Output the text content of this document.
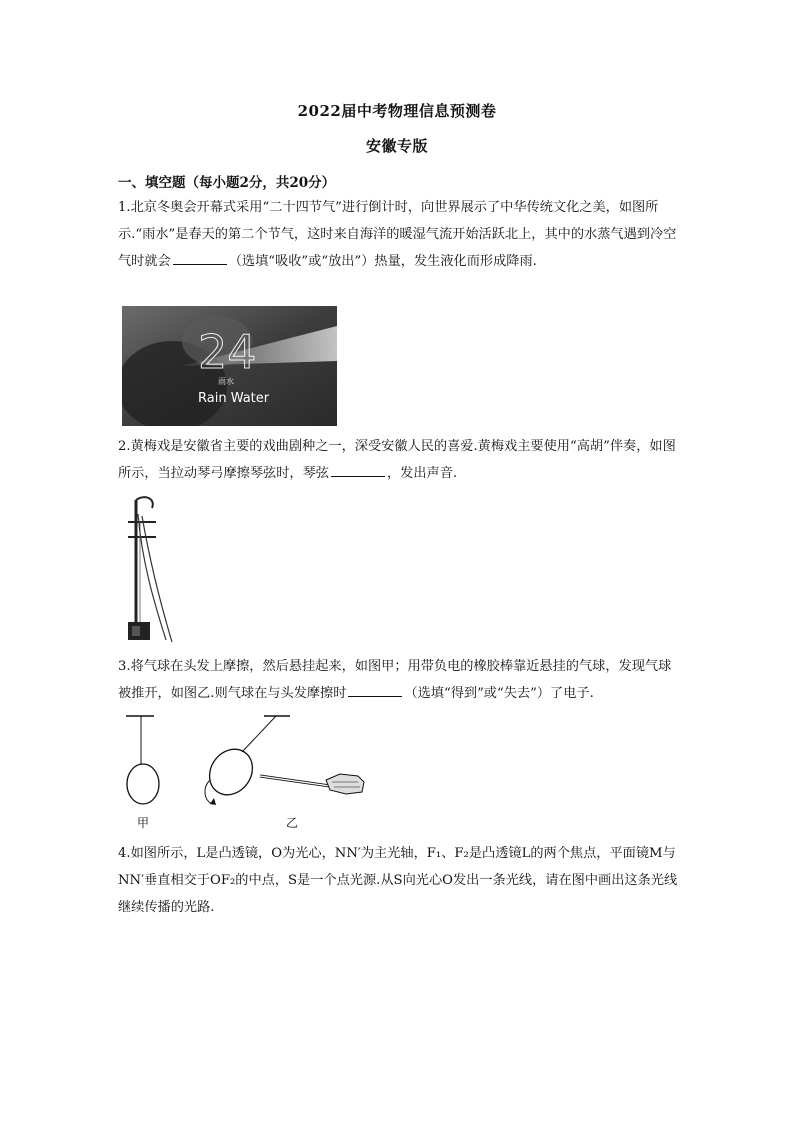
2022届中考物理信息预测卷
安徽专版
一、填空题（每小题2分，共20分）
1.北京冬奥会开幕式采用“二十四节气”进行倒计时，向世界展示了中华传统文化之美，如图所示.“雨水”是春天的第二个节气，这时来自海洋的暖湿气流开始活跃北上，其中的水蒸气遇到冷空气时就会	（选填“吸收”或“放出”）热量，发生液化而形成降雨.
24
雨水
Rain Water
2.黄梅戏是安徽省主要的戏曲剧种之一，深受安徽人民的喜爱.黄梅戏主要使用“高胡”伴奏，如图所示，当拉动琴弓摩擦琴弦时，琴弦	，发出声音.
3.将气球在头发上摩擦，然后悬挂起来，如图甲；用带负电的橡胶棒靠近悬挂的气球，发现气球被推开，如图乙.则气球在与头发摩擦时	（选填“得到”或“失去”）了电子.
甲	乙
4.如图所示，L是凸透镜，O为光心，NN′为主光轴，F₁、F₂是凸透镜L的两个焦点，平面镜M与NN′垂直相交于OF₂的中点，S是一个点光源.从S向光心O发出一条光线，请在图中画出这条光线继续传播的光路.
